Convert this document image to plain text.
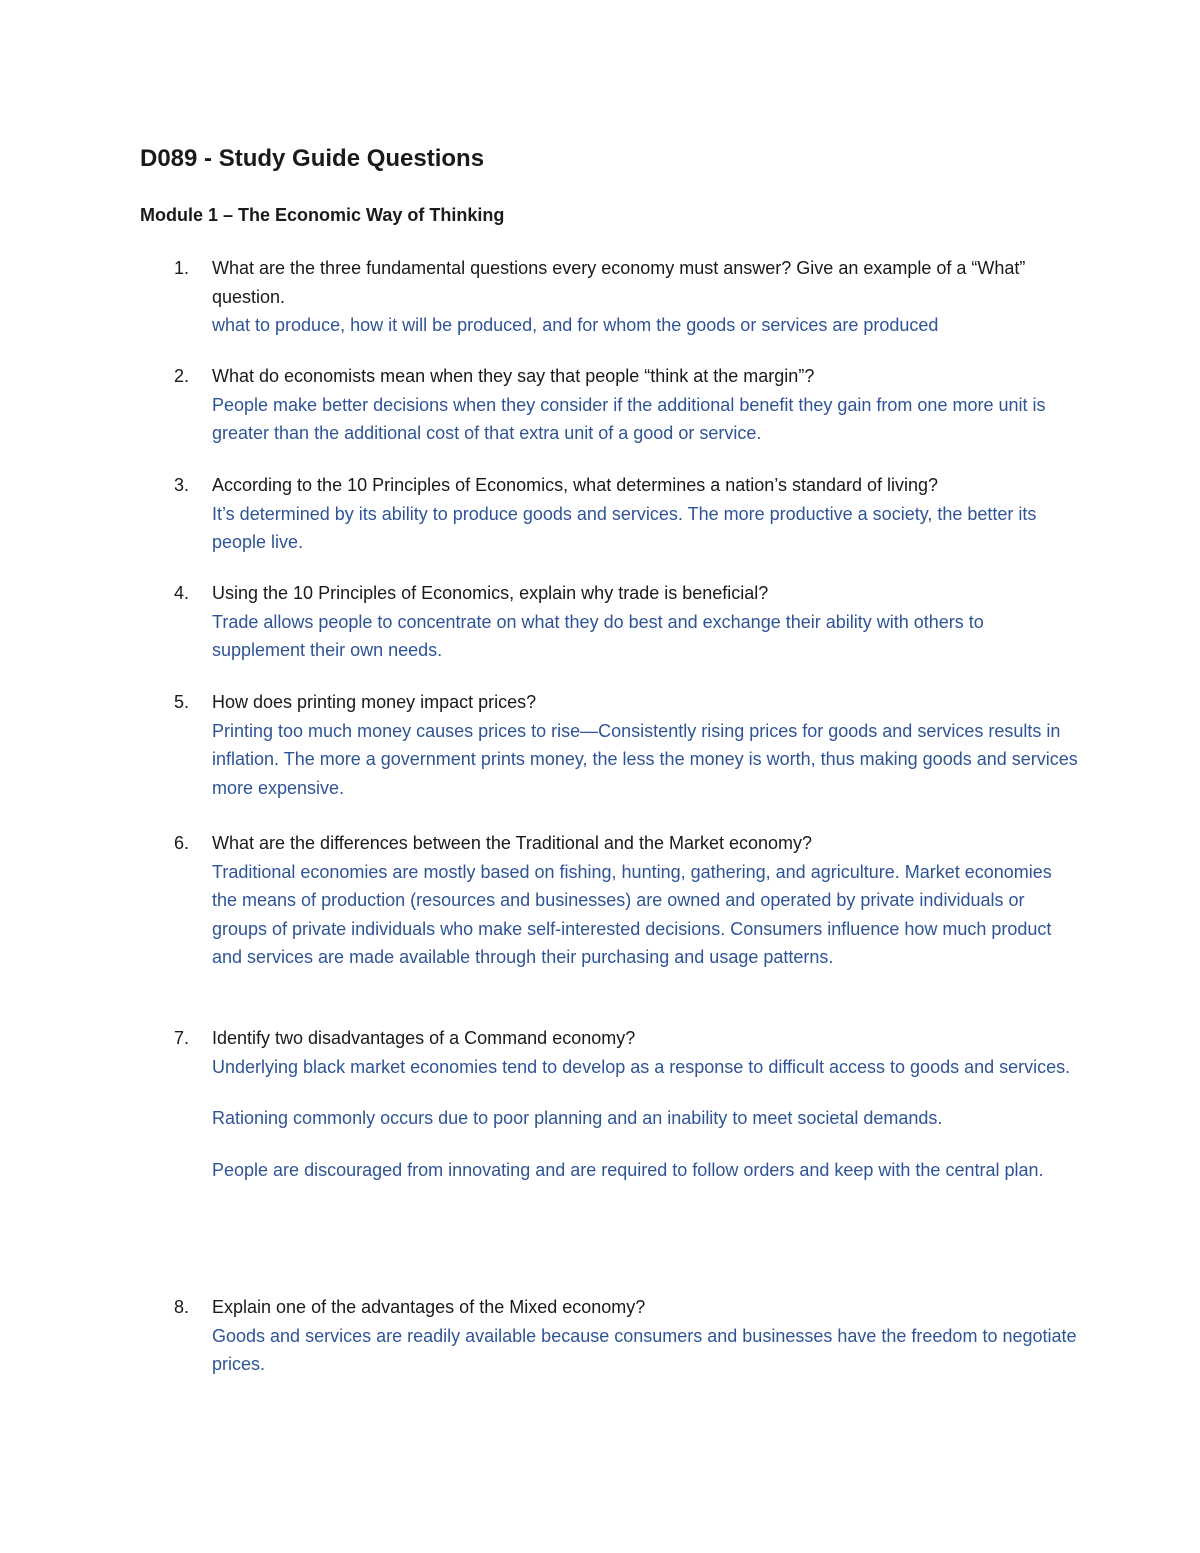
D089 - Study Guide Questions
Module 1 – The Economic Way of Thinking
1.	What are the three fundamental questions every economy must answer? Give an example of a “What” question.
what to produce, how it will be produced, and for whom the goods or services are produced
2.	What do economists mean when they say that people “think at the margin”?
People make better decisions when they consider if the additional benefit they gain from one more unit is greater than the additional cost of that extra unit of a good or service.
3.	According to the 10 Principles of Economics, what determines a nation’s standard of living?
It’s determined by its ability to produce goods and services. The more productive a society, the better its people live.
4.	Using the 10 Principles of Economics, explain why trade is beneficial?
Trade allows people to concentrate on what they do best and exchange their ability with others to supplement their own needs.
5.	How does printing money impact prices?
Printing too much money causes prices to rise—Consistently rising prices for goods and services results in inflation. The more a government prints money, the less the money is worth, thus making goods and services more expensive.
6.	What are the differences between the Traditional and the Market economy?
Traditional economies are mostly based on fishing, hunting, gathering, and agriculture. Market economies the means of production (resources and businesses) are owned and operated by private individuals or groups of private individuals who make self-interested decisions. Consumers influence how much product and services are made available through their purchasing and usage patterns.
7.	Identify two disadvantages of a Command economy?
Underlying black market economies tend to develop as a response to difficult access to goods and services.
Rationing commonly occurs due to poor planning and an inability to meet societal demands.
People are discouraged from innovating and are required to follow orders and keep with the central plan.
8.	Explain one of the advantages of the Mixed economy?
Goods and services are readily available because consumers and businesses have the freedom to negotiate prices.
